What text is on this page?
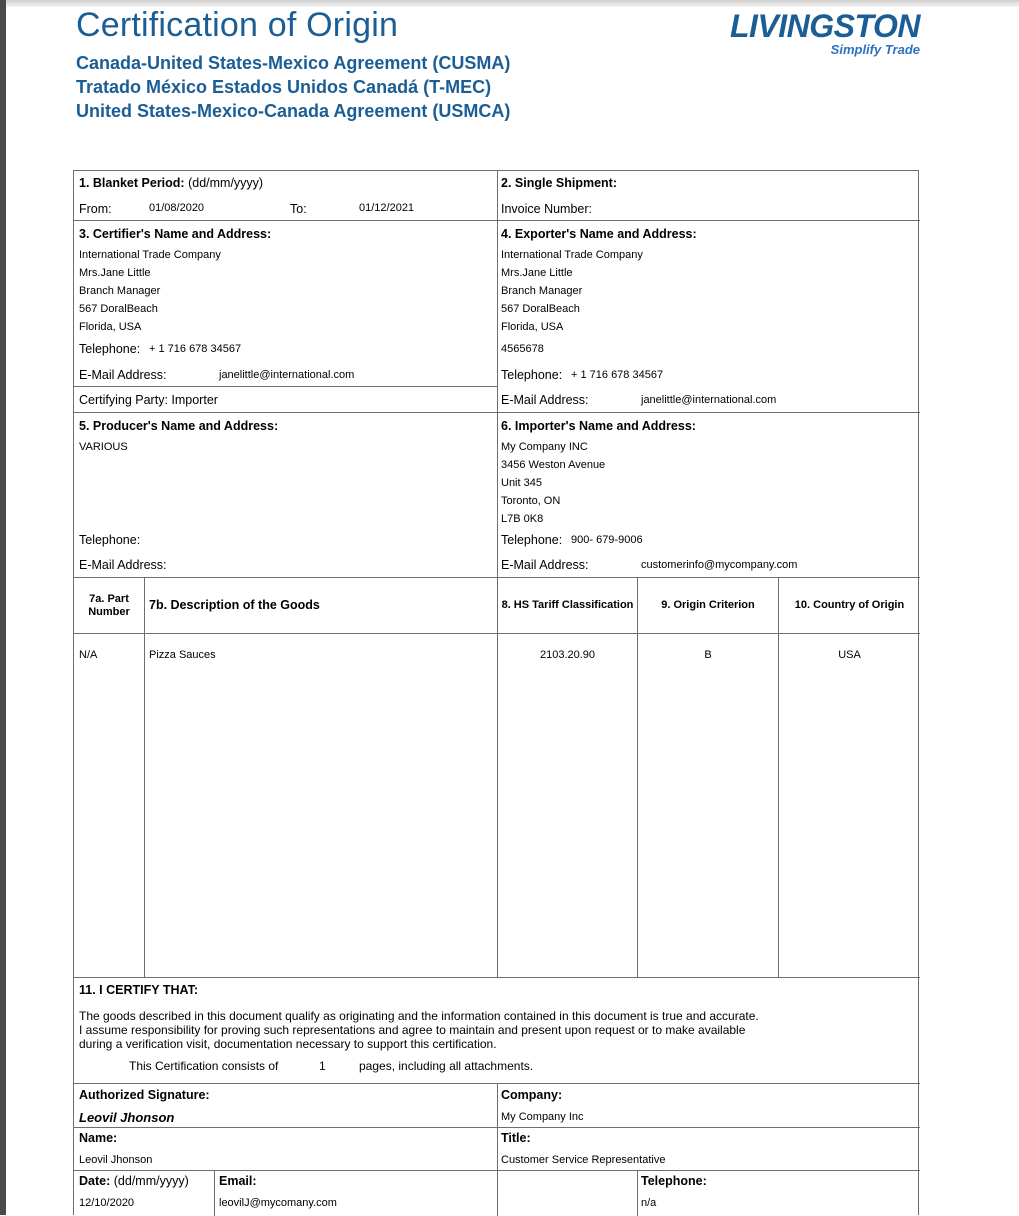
Certification of Origin
Canada-United States-Mexico Agreement (CUSMA)
Tratado México Estados Unidos Canadá (T-MEC)
United States-Mexico-Canada Agreement (USMCA)
LIVINGSTON
Simplify Trade
1. Blanket Period: (dd/mm/yyyy)
From:	01/08/2020	To:	01/12/2021
2. Single Shipment:
Invoice Number:
3. Certifier's Name and Address:
International Trade Company
Mrs.Jane Little
Branch Manager
567 DoralBeach
Florida, USA
Telephone: + 1 716 678 34567
E-Mail Address:	janelittle@international.com
Certifying Party: Importer
4. Exporter's Name and Address:
International Trade Company
Mrs.Jane Little
Branch Manager
567 DoralBeach
Florida, USA
4565678
Telephone: + 1 716 678 34567
E-Mail Address:	janelittle@international.com
5. Producer's Name and Address:
VARIOUS
Telephone:
E-Mail Address:
6. Importer's Name and Address:
My Company INC
3456 Weston Avenue
Unit 345
Toronto, ON
L7B 0K8
Telephone: 900- 679-9006
E-Mail Address:	customerinfo@mycompany.com
7a. Part
Number	7b. Description of the Goods	8. HS Tariff Classification	9. Origin Criterion	10. Country of Origin
N/A	Pizza Sauces	2103.20.90	B	USA
11. I CERTIFY THAT:
The goods described in this document qualify as originating and the information contained in this document is true and accurate.
I assume responsibility for proving such representations and agree to maintain and present upon request or to make available
during a verification visit, documentation necessary to support this certification.
This Certification consists of	1	pages, including all attachments.
Authorized Signature:
Leovil Jhonson
Company:
My Company Inc
Name:
Leovil Jhonson
Title:
Customer Service Representative
Date: (dd/mm/yyyy)
12/10/2020
Email:
leovilJ@mycomany.com
Telephone:
n/a
